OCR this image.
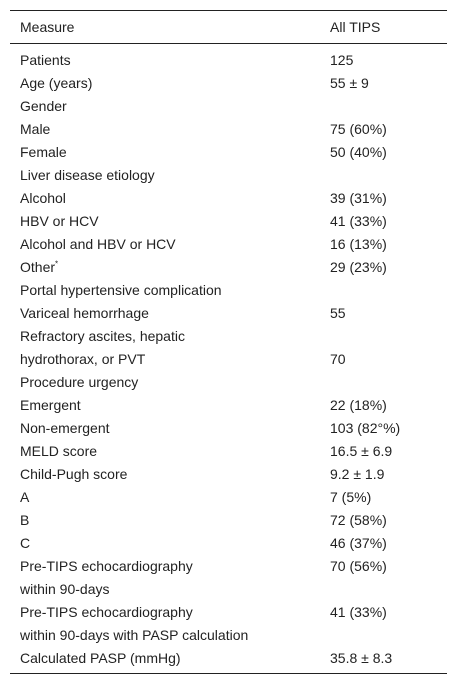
Measure	All TIPS
Patients	125
Age (years)	55 ± 9
Gender
Male	75 (60%)
Female	50 (40%)
Liver disease etiology
Alcohol	39 (31%)
HBV or HCV	41 (33%)
Alcohol and HBV or HCV	16 (13%)
Other*	29 (23%)
Portal hypertensive complication
Variceal hemorrhage	55
Refractory ascites, hepatic
hydrothorax, or PVT	70
Procedure urgency
Emergent	22 (18%)
Non-emergent	103 (82°%)
MELD score	16.5 ± 6.9
Child-Pugh score	9.2 ± 1.9
A	7 (5%)
B	72 (58%)
C	46 (37%)
Pre-TIPS echocardiography	70 (56%)
within 90-days
Pre-TIPS echocardiography	41 (33%)
within 90-days with PASP calculation
Calculated PASP (mmHg)	35.8 ± 8.3
